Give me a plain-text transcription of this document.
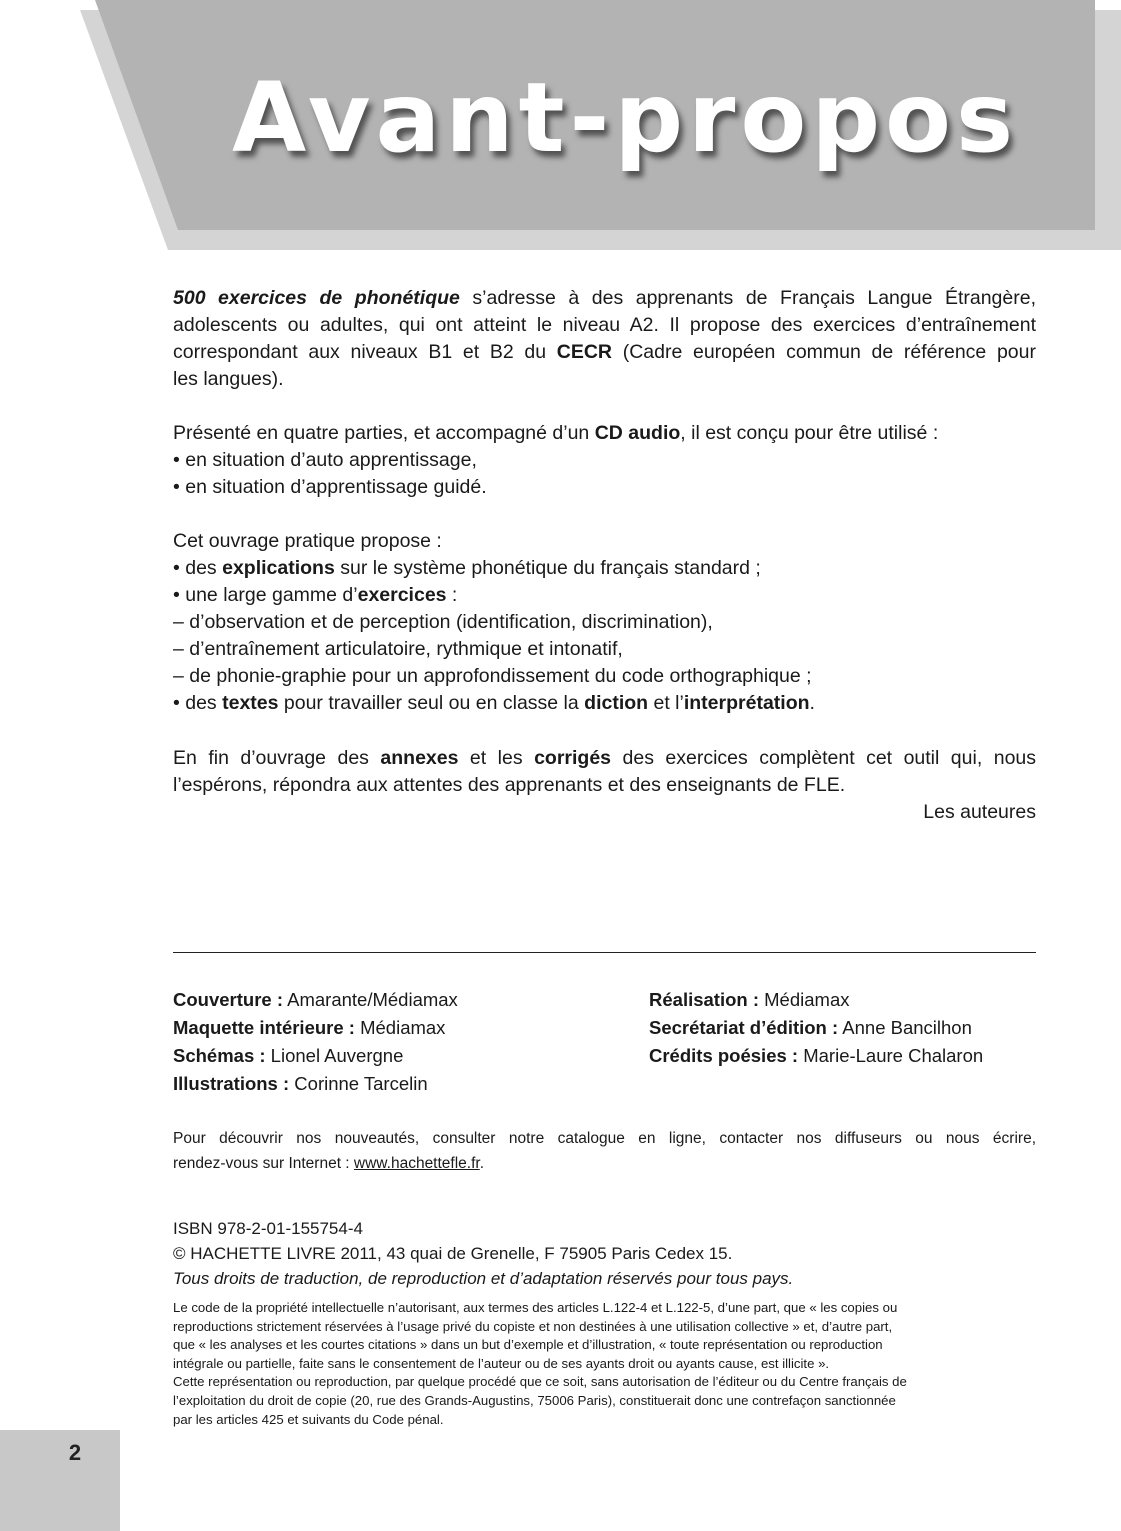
Avant-propos

500 exercices de phonétique s’adresse à des apprenants de Français Langue Étrangère,
adolescents ou adultes, qui ont atteint le niveau A2. Il propose des exercices d’entraînement
correspondant aux niveaux B1 et B2 du CECR (Cadre européen commun de référence pour
les langues).

Présenté en quatre parties, et accompagné d’un CD audio, il est conçu pour être utilisé :
• en situation d’auto apprentissage,
• en situation d’apprentissage guidé.

Cet ouvrage pratique propose :
• des explications sur le système phonétique du français standard ;
• une large gamme d’exercices :
– d’observation et de perception (identification, discrimination),
– d’entraînement articulatoire, rythmique et intonatif,
– de phonie-graphie pour un approfondissement du code orthographique ;
• des textes pour travailler seul ou en classe la diction et l’interprétation.

En fin d’ouvrage des annexes et les corrigés des exercices complètent cet outil qui, nous
l’espérons, répondra aux attentes des apprenants et des enseignants de FLE.

Les auteures
Couverture : Amarante/Médiamax
Maquette intérieure : Médiamax
Schémas : Lionel Auvergne
Illustrations : Corinne Tarcelin
Réalisation : Médiamax
Secrétariat d’édition : Anne Bancilhon
Crédits poésies : Marie-Laure Chalaron

Pour découvrir nos nouveautés, consulter notre catalogue en ligne, contacter nos diffuseurs ou nous écrire,
rendez-vous sur Internet : www.hachettefle.fr.

ISBN 978-2-01-155754-4
© HACHETTE LIVRE 2011, 43 quai de Grenelle, F 75905 Paris Cedex 15.
Tous droits de traduction, de reproduction et d’adaptation réservés pour tous pays.

Le code de la propriété intellectuelle n’autorisant, aux termes des articles L.122-4 et L.122-5, d’une part, que « les copies ou
reproductions strictement réservées à l’usage privé du copiste et non destinées à une utilisation collective » et, d’autre part,
que « les analyses et les courtes citations » dans un but d’exemple et d’illustration, « toute représentation ou reproduction
intégrale ou partielle, faite sans le consentement de l’auteur ou de ses ayants droit ou ayants cause, est illicite ».
Cette représentation ou reproduction, par quelque procédé que ce soit, sans autorisation de l’éditeur ou du Centre français de
l’exploitation du droit de copie (20, rue des Grands-Augustins, 75006 Paris), constituerait donc une contrefaçon sanctionnée
par les articles 425 et suivants du Code pénal.

2
